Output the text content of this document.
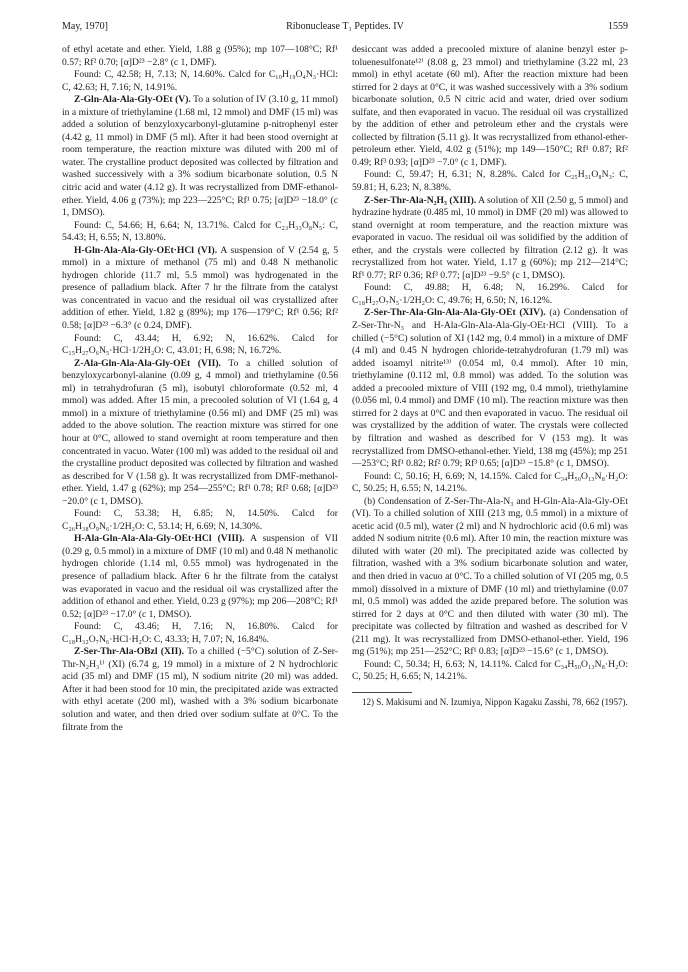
May, 1970]	Ribonuclease T₁ Peptides. IV	1559

of ethyl acetate and ether. Yield, 1.88 g (95%); mp 107—108°C; Rf¹ 0.57; Rf² 0.70; [α]D²³ −2.8° (c 1, DMF).

Found: C, 42.58; H, 7.13; N, 14.60%. Calcd for C₁₀H₁₉O₄N₃·HCl: C, 42.63; H, 7.16; N, 14.91%.

Z-Gln-Ala-Ala-Gly-OEt (V). To a solution of IV (3.10 g, 11 mmol) in a mixture of triethylamine (1.68 ml, 12 mmol) and DMF (15 ml) was added a solution of benzyloxycarbonyl-glutamine p-nitrophenyl ester (4.42 g, 11 mmol) in DMF (5 ml). After it had been stood overnight at room temperature, the reaction mixture was diluted with 200 ml of water. The crystalline product deposited was collected by filtration and washed successively with a 3% sodium bicarbonate solution, 0.5 N citric acid and water (4.12 g). It was recrystallized from DMF-ethanol-ether. Yield, 4.06 g (73%); mp 223—225°C; Rf¹ 0.75; [α]D²³ −18.0° (c 1, DMSO).

Found: C, 54.66; H, 6.64; N, 13.71%. Calcd for C₂₃H₃₃O₈N₅: C, 54.43; H, 6.55; N, 13.80%.

H-Gln-Ala-Ala-Gly-OEt·HCl (VI). A suspension of V (2.54 g, 5 mmol) in a mixture of methanol (75 ml) and 0.48 N methanolic hydrogen chloride (11.7 ml, 5.5 mmol) was hydrogenated in the presence of palladium black. After 7 hr the filtrate from the catalyst was concentrated in vacuo and the residual oil was crystallized after addition of ether. Yield, 1.82 g (89%); mp 176—179°C; Rf¹ 0.56; Rf² 0.58; [α]D²³ −6.3° (c 0.24, DMF).

Found: C, 43.44; H, 6.92; N, 16.62%. Calcd for C₁₅H₂₇O₆N₅·HCl·1/2H₂O: C, 43.01; H, 6.98; N, 16.72%.

Z-Ala-Gln-Ala-Ala-Gly-OEt (VII). To a chilled solution of benzyloxycarbonyl-alanine (0.09 g, 4 mmol) and triethylamine (0.56 ml) in tetrahydrofuran (5 ml), isobutyl chloroformate (0.52 ml, 4 mmol) was added. After 15 min, a precooled solution of VI (1.64 g, 4 mmol) in a mixture of triethylamine (0.56 ml) and DMF (25 ml) was added to the above solution. The reaction mixture was stirred for one hour at 0°C, allowed to stand overnight at room temperature and then concentrated in vacuo. Water (100 ml) was added to the residual oil and the crystalline product deposited was collected by filtration and washed as described for V (1.58 g). It was recrystallized from DMF-methanol-ether. Yield, 1.47 g (62%); mp 254—255°C; Rf¹ 0.78; Rf² 0.68; [α]D²³ −20.0° (c 1, DMSO).

Found: C, 53.38; H, 6.85; N, 14.50%. Calcd for C₂₆H₃₈O₉N₆·1/2H₂O: C, 53.14; H, 6.69; N, 14.30%.

H-Ala-Gln-Ala-Ala-Gly-OEt·HCl (VIII). A suspension of VII (0.29 g, 0.5 mmol) in a mixture of DMF (10 ml) and 0.48 N methanolic hydrogen chloride (1.14 ml, 0.55 mmol) was hydrogenated in the presence of palladium black. After 6 hr the filtrate from the catalyst was evaporated in vacuo and the residual oil was crystallized after the addition of ethanol and ether. Yield, 0.23 g (97%); mp 206—208°C; Rf¹ 0.52; [α]D²³ −17.0° (c 1, DMSO).

Found: C, 43.46; H, 7.16; N, 16.80%. Calcd for C₁₈H₃₂O₇N₆·HCl·H₂O: C, 43.33; H, 7.07; N, 16.84%.

Z-Ser-Thr-Ala-OBzl (XII). To a chilled (−5°C) solution of Z-Ser-Thr-N₂H₃¹⁾ (XI) (6.74 g, 19 mmol) in a mixture of 2 N hydrochloric acid (35 ml) and DMF (15 ml), N sodium nitrite (20 ml) was added. After it had been stood for 10 min, the precipitated azide was extracted with ethyl acetate (200 ml), washed with a 3% sodium bicarbonate solution and water, and then dried over sodium sulfate at 0°C. To the filtrate from the

desiccant was added a precooled mixture of alanine benzyl ester p-toluenesulfonate¹²⁾ (8.08 g, 23 mmol) and triethylamine (3.22 ml, 23 mmol) in ethyl acetate (60 ml). After the reaction mixture had been stirred for 2 days at 0°C, it was washed successively with a 3% sodium bicarbonate solution, 0.5 N citric acid and water, dried over sodium sulfate, and then evaporated in vacuo. The residual oil was crystallized by the addition of ether and petroleum ether and the crystals were collected by filtration (5.11 g). It was recrystallized from ethanol-ether-petroleum ether. Yield, 4.02 g (51%); mp 149—150°C; Rf¹ 0.87; Rf² 0.49; Rf³ 0.93; [α]D²³ −7.0° (c 1, DMF).

Found: C, 59.47; H, 6.31; N, 8.28%. Calcd for C₂₅H₃₁O₈N₃: C, 59.81; H, 6.23; N, 8.38%.

Z-Ser-Thr-Ala-N₂H₃ (XIII). A solution of XII (2.50 g, 5 mmol) and hydrazine hydrate (0.485 ml, 10 mmol) in DMF (20 ml) was allowed to stand overnight at room temperature, and the reaction mixture was evaporated in vacuo. The residual oil was solidified by the addition of ether, and the crystals were collected by filtration (2.12 g). It was recrystallized from hot water. Yield, 1.17 g (60%); mp 212—214°C; Rf¹ 0.77; Rf² 0.36; Rf³ 0.77; [α]D²³ −9.5° (c 1, DMSO).

Found: C, 49.88; H, 6.48; N, 16.29%. Calcd for C₁₈H₂₇O₇N₅·1/2H₂O: C, 49.76; H, 6.50; N, 16.12%.

Z-Ser-Thr-Ala-Gln-Ala-Ala-Gly-OEt (XIV). (a) Condensation of Z-Ser-Thr-N₃ and H-Ala-Gln-Ala-Ala-Gly-OEt·HCl (VIII). To a chilled (−5°C) solution of XI (142 mg, 0.4 mmol) in a mixture of DMF (4 ml) and 0.45 N hydrogen chloride-tetrahydrofuran (1.79 ml) was added isoamyl nitrite¹³⁾ (0.054 ml, 0.4 mmol). After 10 min, triethylamine (0.112 ml, 0.8 mmol) was added. To the solution was added a precooled mixture of VIII (192 mg, 0.4 mmol), triethylamine (0.056 ml, 0.4 mmol) and DMF (10 ml). The reaction mixture was then stirred for 2 days at 0°C and then evaporated in vacuo. The residual oil was crystallized by the addition of water. The crystals were collected by filtration and washed as described for V (153 mg). It was recrystallized from DMSO-ethanol-ether. Yield, 138 mg (45%); mp 251—253°C; Rf¹ 0.82; Rf² 0.79; Rf³ 0.65; [α]D²³ −15.8° (c 1, DMSO).

Found: C, 50.16; H, 6.69; N, 14.15%. Calcd for C₃₄H₅₀O₁₃N₈·H₂O: C, 50.25; H, 6.55; N, 14.21%.

(b) Condensation of Z-Ser-Thr-Ala-N₃ and H-Gln-Ala-Ala-Gly-OEt (VI). To a chilled solution of XIII (213 mg, 0.5 mmol) in a mixture of acetic acid (0.5 ml), water (2 ml) and N hydrochloric acid (0.6 ml) was added N sodium nitrite (0.6 ml). After 10 min, the reaction mixture was diluted with water (20 ml). The precipitated azide was collected by filtration, washed with a 3% sodium bicarbonate solution and water, and then dried in vacuo at 0°C. To a chilled solution of VI (205 mg, 0.5 mmol) dissolved in a mixture of DMF (10 ml) and triethylamine (0.07 ml, 0.5 mmol) was added the azide prepared before. The solution was stirred for 2 days at 0°C and then diluted with water (30 ml). The precipitate was collected by filtration and washed as described for V (211 mg). It was recrystallized from DMSO-ethanol-ether. Yield, 196 mg (51%); mp 251—252°C; Rf¹ 0.83; [α]D²³ −15.6° (c 1, DMSO).

Found: C, 50.34; H, 6.63; N, 14.11%. Calcd for C₃₄H₅₀O₁₃N₈·H₂O: C, 50.25; H, 6.65; N, 14.21%.

12) S. Makisumi and N. Izumiya, Nippon Kagaku Zasshi, 78, 662 (1957).
